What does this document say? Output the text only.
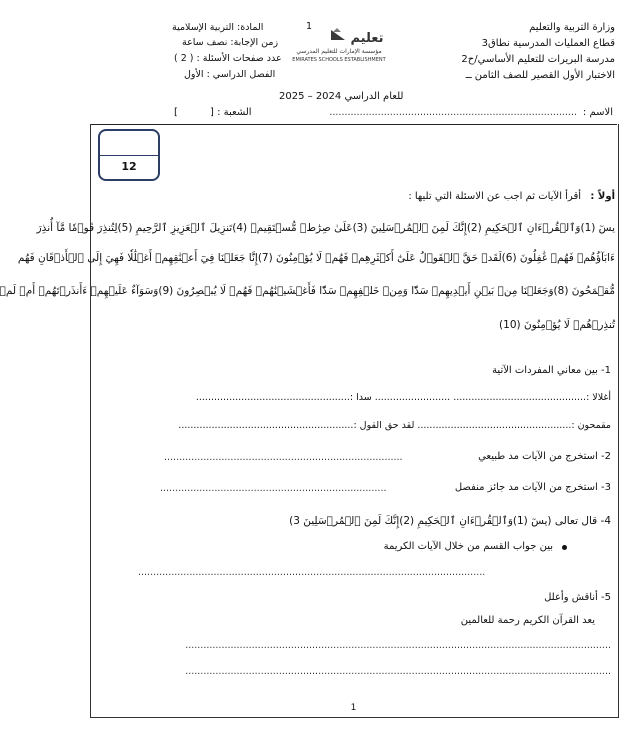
وزارة التربية والتعليم
قطاع العمليات المدرسية نطاق3
مدرسة البريرات للتعليم الأساسي/ح2
الاختبار الأول القصير للصف الثامن ــ
1
المادة: التربية الإسلامية
زمن الإجابة: نصف ساعة
عدد صفحات الأسئلة : ( 2 )
الفصل الدراسي : الأول
تعليم
مؤسسة الإمارات للتعليم المدرسي
EMIRATES SCHOOLS ESTABLISHMENT
للعام الدراسي 2024 – 2025
الاسم :
..................................................................................
الشعبة : [
]
12
أولاً :
أقرأ الآيات ثم اجب عن الاسئلة التي تليها :
يسٓ (1)وَٱلۡقُرۡءَانِ ٱلۡحَكِيمِ (2)إِنَّكَ لَمِنَ ٱلۡمُرۡسَلِينَ (3)عَلَىٰ صِرَٰطٖ مُّسۡتَقِيمٖ (4)تَنزِيلَ ٱلۡعَزِيزِ ٱلرَّحِيمِ (5)لِتُنذِرَ قَوۡمٗا مَّآ أُنذِرَ
ءَابَآؤُهُمۡ فَهُمۡ غَٰفِلُونَ (6)لَقَدۡ حَقَّ ٱلۡقَوۡلُ عَلَىٰٓ أَكۡثَرِهِمۡ فَهُمۡ لَا يُؤۡمِنُونَ (7)إِنَّا جَعَلۡنَا فِيٓ أَعۡنَٰقِهِمۡ أَغۡلَٰلٗا فَهِيَ إِلَى ٱلۡأَذۡقَانِ فَهُم
مُّقۡمَحُونَ (8)وَجَعَلۡنَا مِنۢ بَيۡنِ أَيۡدِيهِمۡ سَدّٗا وَمِنۡ خَلۡفِهِمۡ سَدّٗا فَأَغۡشَيۡنَٰهُمۡ فَهُمۡ لَا يُبۡصِرُونَ (9)وَسَوَآءٌ عَلَيۡهِمۡ ءَأَنذَرۡتَهُمۡ أَمۡ لَمۡ
تُنذِرۡهُمۡ لَا يُؤۡمِنُونَ (10)
1- بين معاني المفردات الآتية
أغلالا :............................................ ......................... سدا :...................................................
مقمحون :................................................... لقد حق القول :..........................................................
2- استخرج من الآيات مد طبيعي
...............................................................................
3- استخرج من الآيات مد جائز منفصل
...........................................................................
4- قال تعالى (يسٓ (1)وَٱلۡقُرۡءَانِ ٱلۡحَكِيمِ (2)إِنَّكَ لَمِنَ ٱلۡمُرۡسَلِينَ 3)
بين جواب القسم من خلال الآيات الكريمة
...................................................................................................................
5- أناقش وأعلل
يعد القرآن الكريم رحمة للعالمين
.............................................................................................................................................
.............................................................................................................................................
1
